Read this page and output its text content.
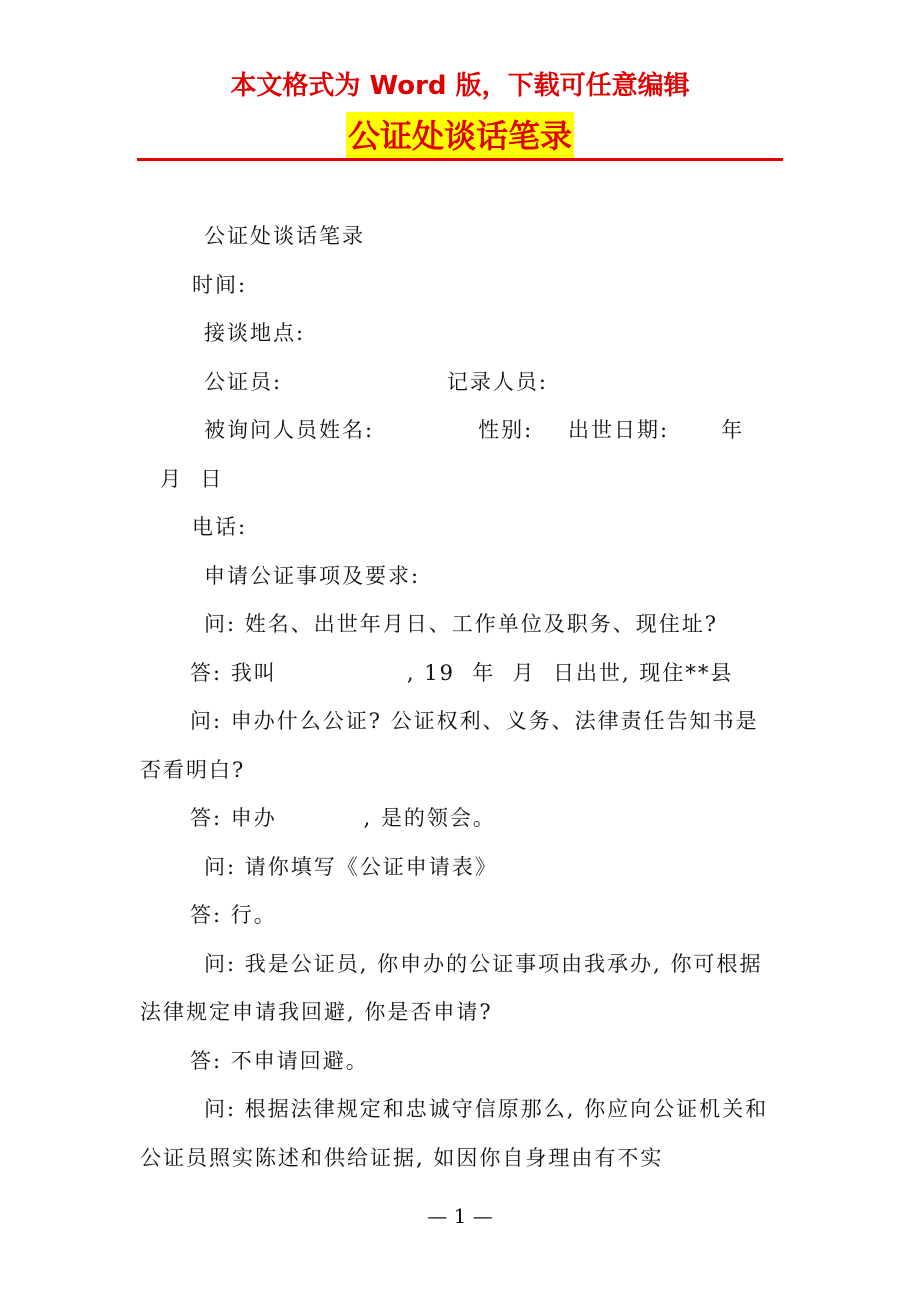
本文格式为 Word 版，下载可任意编辑
公证处谈话笔录

公证处谈话笔录

时间:

接谈地点:

公证员:                   记录人员:

被询问人员姓名:            性别:    出世日期:      年

月  日

电话:

申请公证事项及要求:

问: 姓名、出世年月日、工作单位及职务、现住址?

答: 我叫               , 19  年  月  日出世, 现住**县

问: 申办什么公证? 公证权利、义务、法律责任告知书是否看明白?

答: 申办          , 是的领会。

问: 请你填写《公证申请表》

答: 行。

问: 我是公证员, 你申办的公证事项由我承办, 你可根据法律规定申请我回避, 你是否申请?

答: 不申请回避。

问: 根据法律规定和忠诚守信原那么, 你应向公证机关和公证员照实陈述和供给证据, 如因你自身理由有不实

— 1 —
